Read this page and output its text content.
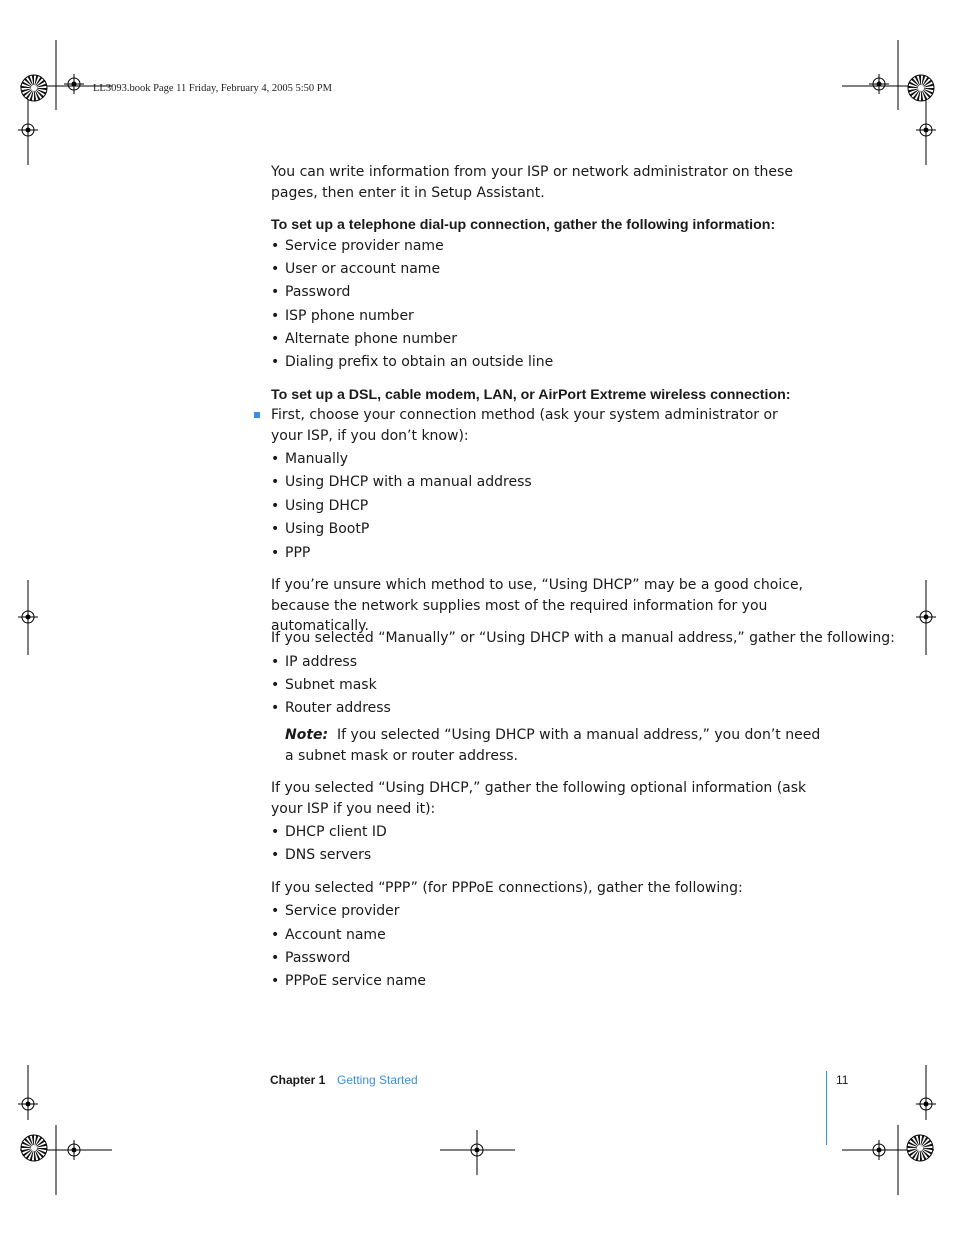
LL3093.book Page 11 Friday, February 4, 2005 5:50 PM
You can write information from your ISP or network administrator on these pages, then enter it in Setup Assistant.
To set up a telephone dial-up connection, gather the following information:
• Service provider name
• User or account name
• Password
• ISP phone number
• Alternate phone number
• Dialing prefix to obtain an outside line
To set up a DSL, cable modem, LAN, or AirPort Extreme wireless connection:
First, choose your connection method (ask your system administrator or your ISP, if you don’t know):
• Manually
• Using DHCP with a manual address
• Using DHCP
• Using BootP
• PPP
If you’re unsure which method to use, “Using DHCP” may be a good choice, because the network supplies most of the required information for you automatically.
If you selected “Manually” or “Using DHCP with a manual address,” gather the following:
• IP address
• Subnet mask
• Router address
Note: If you selected “Using DHCP with a manual address,” you don’t need a subnet mask or router address.
If you selected “Using DHCP,” gather the following optional information (ask your ISP if you need it):
• DHCP client ID
• DNS servers
If you selected “PPP” (for PPPoE connections), gather the following:
• Service provider
• Account name
• Password
• PPPoE service name
Chapter 1 Getting Started	11
